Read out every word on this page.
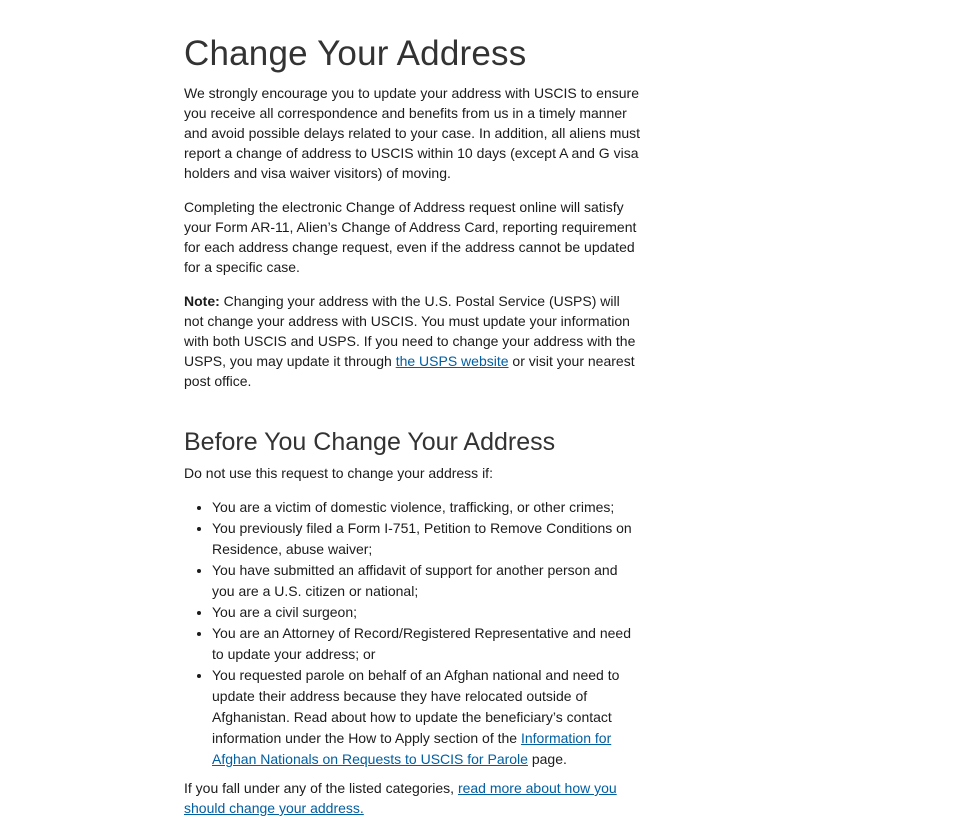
Change Your Address

We strongly encourage you to update your address with USCIS to ensure you receive all correspondence and benefits from us in a timely manner and avoid possible delays related to your case. In addition, all aliens must report a change of address to USCIS within 10 days (except A and G visa holders and visa waiver visitors) of moving.

Completing the electronic Change of Address request online will satisfy your Form AR-11, Alien’s Change of Address Card, reporting requirement for each address change request, even if the address cannot be updated for a specific case.

Note: Changing your address with the U.S. Postal Service (USPS) will not change your address with USCIS. You must update your information with both USCIS and USPS. If you need to change your address with the USPS, you may update it through the USPS website or visit your nearest post office.

Before You Change Your Address

Do not use this request to change your address if:

• You are a victim of domestic violence, trafficking, or other crimes;
• You previously filed a Form I-751, Petition to Remove Conditions on Residence, abuse waiver;
• You have submitted an affidavit of support for another person and you are a U.S. citizen or national;
• You are a civil surgeon;
• You are an Attorney of Record/Registered Representative and need to update your address; or
• You requested parole on behalf of an Afghan national and need to update their address because they have relocated outside of Afghanistan. Read about how to update the beneficiary’s contact information under the How to Apply section of the Information for Afghan Nationals on Requests to USCIS for Parole page.

If you fall under any of the listed categories, read more about how you should change your address.
